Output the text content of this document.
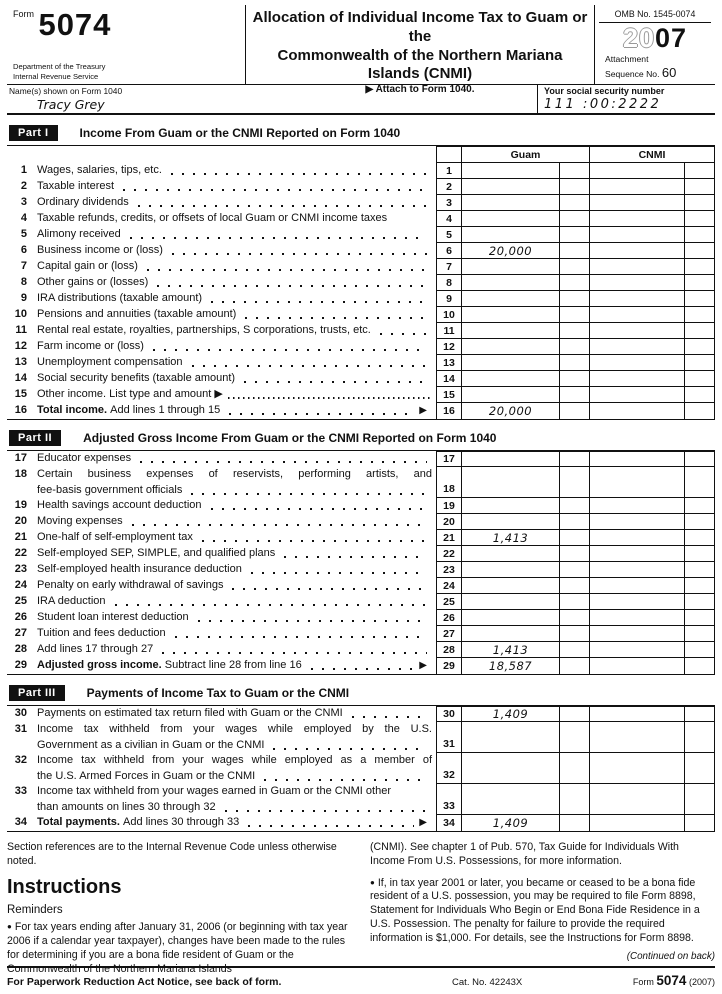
$^{Form}$ 5074
Department of the Treasury
Internal Revenue Service
Allocation of Individual Income Tax to Guam or the
Commonwealth of the Northern Mariana Islands (CNMI)
▶ Attach to Form 1040.
OMB No. 1545-0074
2007
Attachment
Sequence No. 60
Name(s) shown on Form 1040
Tracy Grey
Your social security number
111 :00:2222
Part I	Income From Guam or the CNMI Reported on Form 1040
Guam	CNMI
1 Wages, salaries, tips, etc.	1
2 Taxable interest	2
3 Ordinary dividends	3
4 Taxable refunds, credits, or offsets of local Guam or CNMI income taxes	4
5 Alimony received	5
6 Business income or (loss)	6	20,000
7 Capital gain or (loss)	7
8 Other gains or (losses)	8
9 IRA distributions (taxable amount)	9
10 Pensions and annuities (taxable amount)	10
11 Rental real estate, royalties, partnerships, S corporations, trusts, etc.	11
12 Farm income or (loss)	12
13 Unemployment compensation	13
14 Social security benefits (taxable amount)	14
15 Other income. List type and amount ▶	15
16 Total income. Add lines 1 through 15	▶	16	20,000
Part II	Adjusted Gross Income From Guam or the CNMI Reported on Form 1040
17 Educator expenses	17
18 Certain business expenses of reservists, performing artists, and
fee-basis government officials	18
19 Health savings account deduction	19
20 Moving expenses	20
21 One-half of self-employment tax	21	1,413
22 Self-employed SEP, SIMPLE, and qualified plans	22
23 Self-employed health insurance deduction	23
24 Penalty on early withdrawal of savings	24
25 IRA deduction	25
26 Student loan interest deduction	26
27 Tuition and fees deduction	27
28 Add lines 17 through 27	28	1,413
29 Adjusted gross income. Subtract line 28 from line 16	▶	29	18,587
Part III	Payments of Income Tax to Guam or the CNMI
30 Payments on estimated tax return filed with Guam or the CNMI	30	1,409
31 Income tax withheld from your wages while employed by the U.S.
Government as a civilian in Guam or the CNMI	31
32 Income tax withheld from your wages while employed as a member of
the U.S. Armed Forces in Guam or the CNMI	32
33 Income tax withheld from your wages earned in Guam or the CNMI other
than amounts on lines 30 through 32	33
34 Total payments. Add lines 30 through 33	▶	34	1,409

Section references are to the Internal Revenue Code unless otherwise noted.

Instructions
Reminders

● For tax years ending after January 31, 2006 (or beginning with tax year 2006 if a calendar year taxpayer), changes have been made to the rules for determining if you are a bona fide resident of Guam or the Commonwealth of the Northern Mariana Islands

(CNMI). See chapter 1 of Pub. 570, Tax Guide for Individuals With Income From U.S. Possessions, for more information.

● If, in tax year 2001 or later, you became or ceased to be a bona fide resident of a U.S. possession, you may be required to file Form 8898, Statement for Individuals Who Begin or End Bona Fide Residence in a U.S. Possession. The penalty for failure to provide the required information is $1,000. For details, see the Instructions for Form 8898.

(Continued on back)
For Paperwork Reduction Act Notice, see back of form.	Cat. No. 42243X	Form 5074 (2007)
